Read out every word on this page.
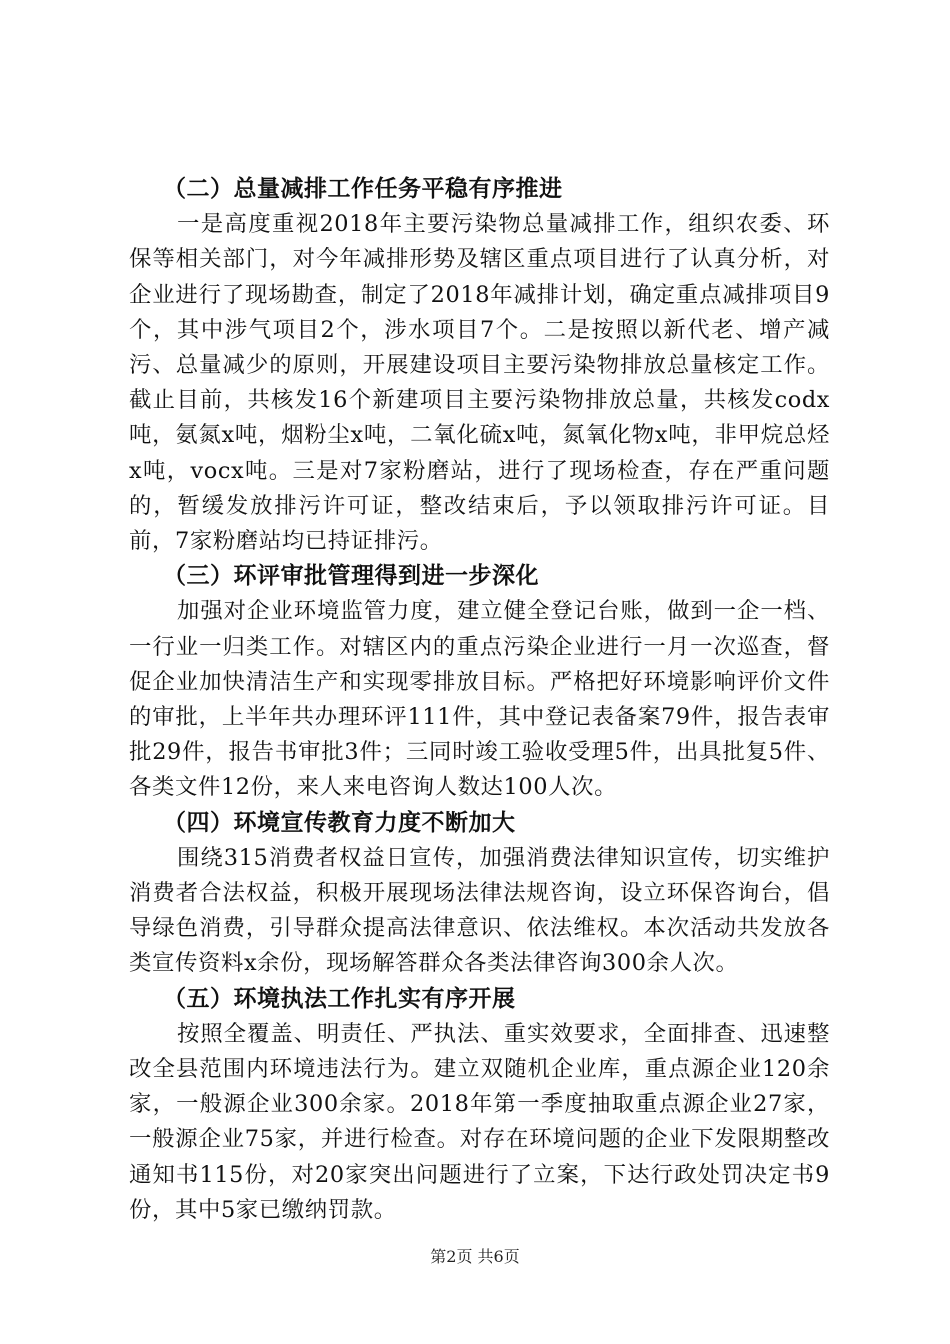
（二）总量减排工作任务平稳有序推进

一是高度重视2018年主要污染物总量减排工作，组织农委、环保等相关部门，对今年减排形势及辖区重点项目进行了认真分析，对企业进行了现场勘查，制定了2018年减排计划，确定重点减排项目9个，其中涉气项目2个，涉水项目7个。二是按照以新代老、增产减污、总量减少的原则，开展建设项目主要污染物排放总量核定工作。截止目前，共核发16个新建项目主要污染物排放总量，共核发codx吨，氨氮x吨，烟粉尘x吨，二氧化硫x吨，氮氧化物x吨，非甲烷总烃x吨，vocx吨。三是对7家粉磨站，进行了现场检查，存在严重问题的，暂缓发放排污许可证，整改结束后，予以领取排污许可证。目前，7家粉磨站均已持证排污。

（三）环评审批管理得到进一步深化

加强对企业环境监管力度，建立健全登记台账，做到一企一档、一行业一归类工作。对辖区内的重点污染企业进行一月一次巡查，督促企业加快清洁生产和实现零排放目标。严格把好环境影响评价文件的审批，上半年共办理环评111件，其中登记表备案79件，报告表审批29件，报告书审批3件；三同时竣工验收受理5件，出具批复5件、各类文件12份，来人来电咨询人数达100人次。

（四）环境宣传教育力度不断加大

围绕315消费者权益日宣传，加强消费法律知识宣传，切实维护消费者合法权益，积极开展现场法律法规咨询，设立环保咨询台，倡导绿色消费，引导群众提高法律意识、依法维权。本次活动共发放各类宣传资料x余份，现场解答群众各类法律咨询300余人次。

（五）环境执法工作扎实有序开展

按照全覆盖、明责任、严执法、重实效要求，全面排查、迅速整改全县范围内环境违法行为。建立双随机企业库，重点源企业120余家，一般源企业300余家。2018年第一季度抽取重点源企业27家，一般源企业75家，并进行检查。对存在环境问题的企业下发限期整改通知书115份，对20家突出问题进行了立案，下达行政处罚决定书9份，其中5家已缴纳罚款。

第2页 共6页
